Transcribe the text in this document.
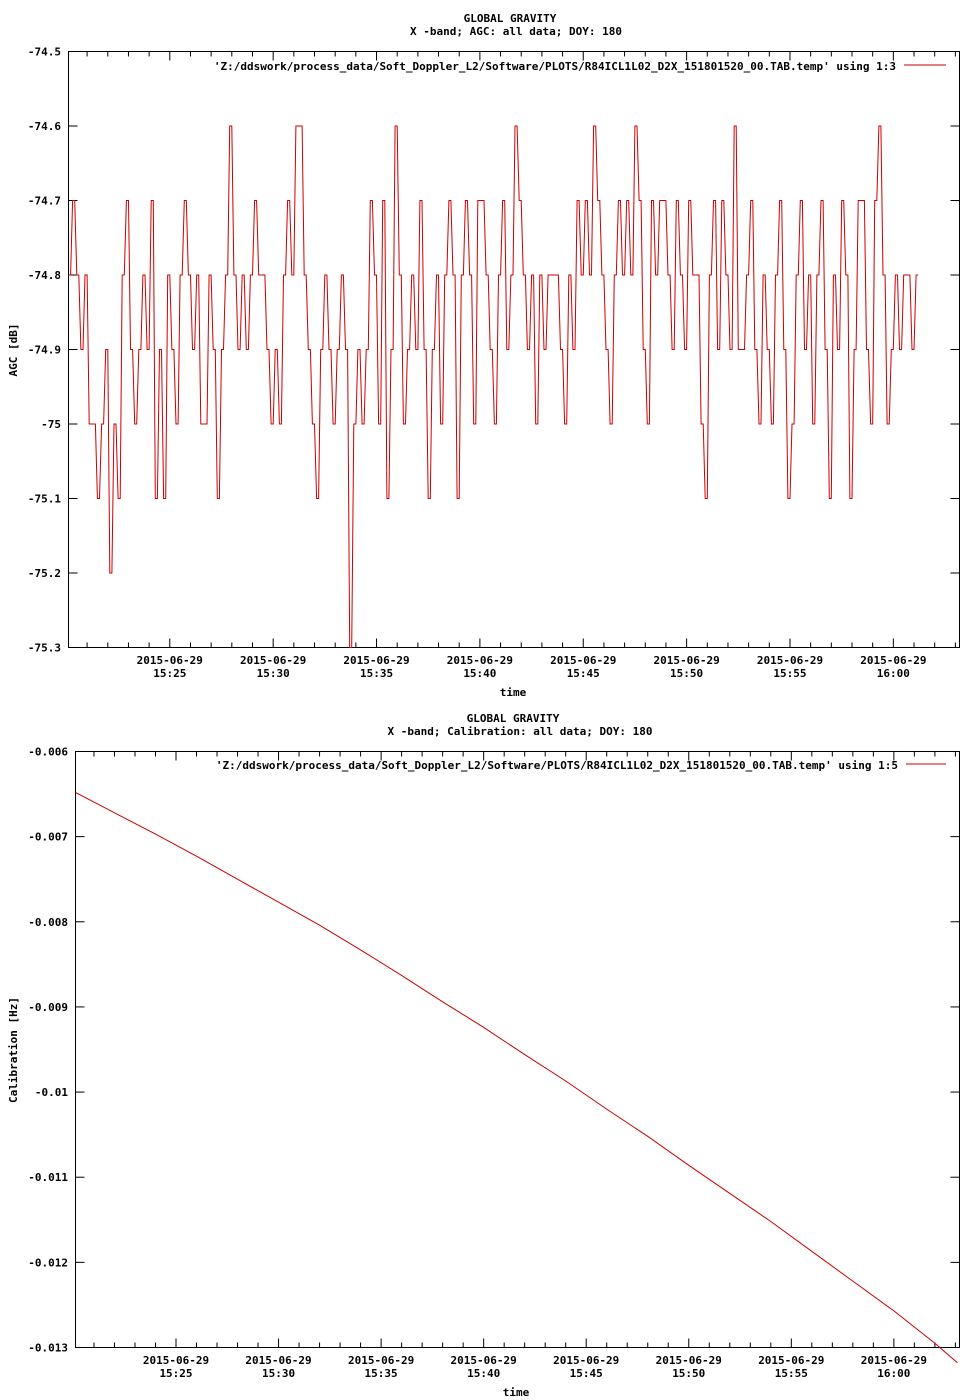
GLOBAL GRAVITY
X -band; AGC: all data; DOY: 180
-74.5
-74.6
-74.7
-74.8
-74.9
-75
-75.1
-75.2
-75.3
2015-06-29
15:25
2015-06-29
15:30
2015-06-29
15:35
2015-06-29
15:40
2015-06-29
15:45
2015-06-29
15:50
2015-06-29
15:55
2015-06-29
16:00
AGC [dB]
time
'Z:/ddswork/process_data/Soft_Doppler_L2/Software/PLOTS/R84ICL1L02_D2X_151801520_00.TAB.temp' using 1:3
GLOBAL GRAVITY
X -band; Calibration: all data; DOY: 180
-0.006
-0.007
-0.008
-0.009
-0.01
-0.011
-0.012
-0.013
2015-06-29
15:25
2015-06-29
15:30
2015-06-29
15:35
2015-06-29
15:40
2015-06-29
15:45
2015-06-29
15:50
2015-06-29
15:55
2015-06-29
16:00
Calibration [Hz]
time
'Z:/ddswork/process_data/Soft_Doppler_L2/Software/PLOTS/R84ICL1L02_D2X_151801520_00.TAB.temp' using 1:5
